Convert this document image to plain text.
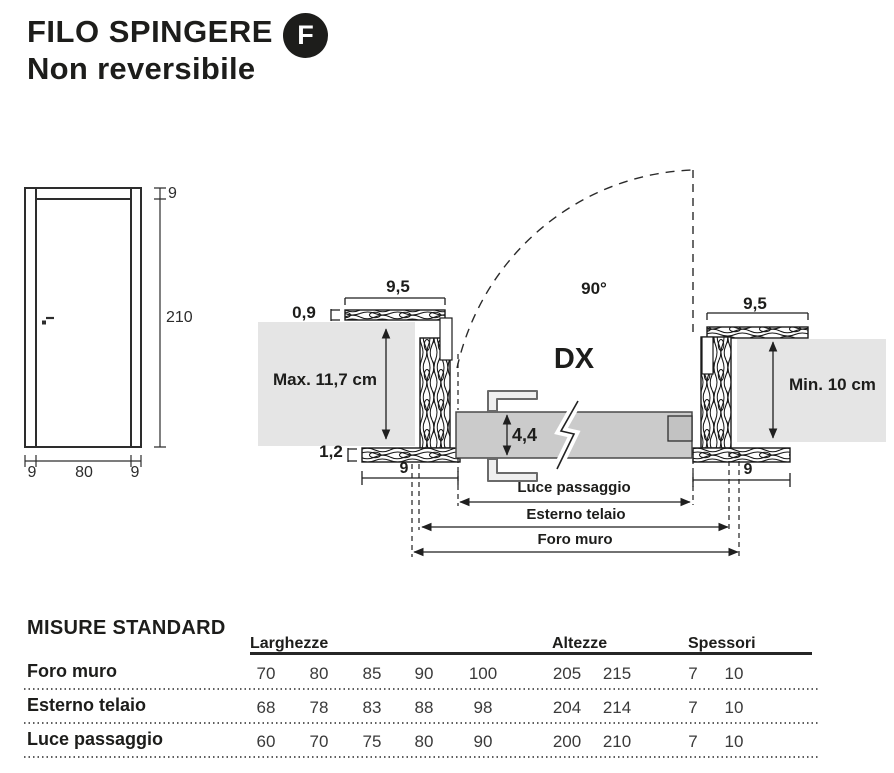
FILO SPINGERE F
Non reversibile
9
210
9 80 9
9,5
0,9
Max. 11,7 cm
1,2
9
4,4
90°
DX
9,5
Min. 10 cm
9
Luce passaggio
Esterno telaio
Foro muro
MISURE STANDARD
Larghezze	Altezze	Spessori
Foro muro	70 80 85 90 100	205 215	7 10
Esterno telaio	68 78 83 88 98	204 214	7 10
Luce passaggio	60 70 75 80 90	200 210	7 10
